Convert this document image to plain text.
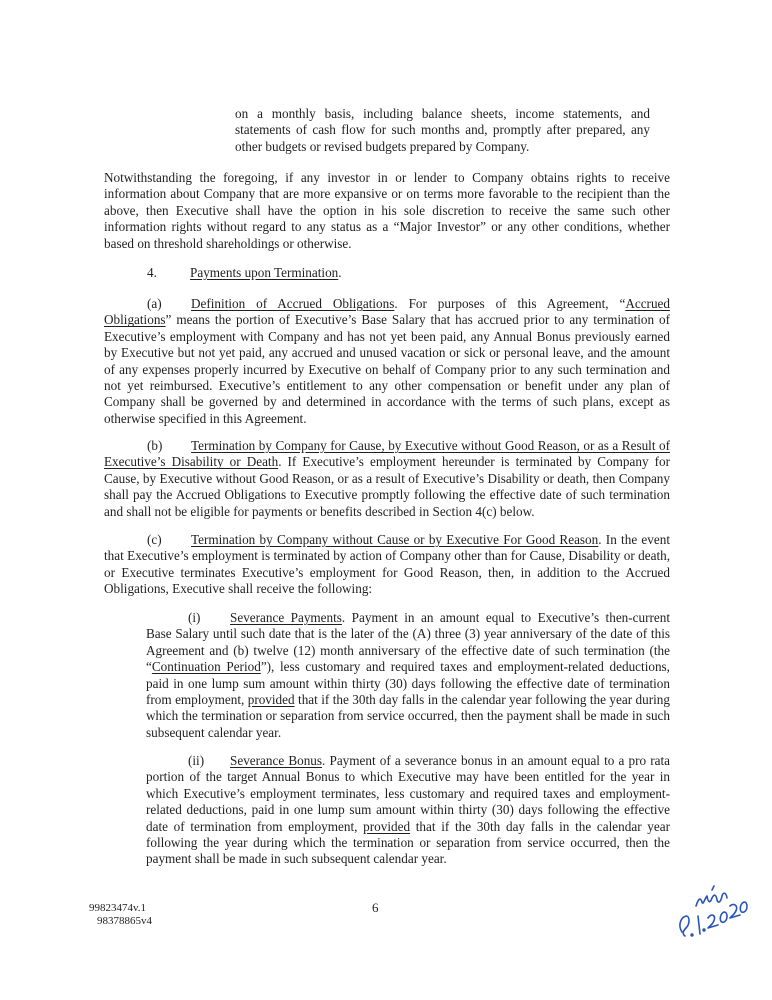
on a monthly basis, including balance sheets, income statements, and statements of cash flow for such months and, promptly after prepared, any other budgets or revised budgets prepared by Company.

Notwithstanding the foregoing, if any investor in or lender to Company obtains rights to receive information about Company that are more expansive or on terms more favorable to the recipient than the above, then Executive shall have the option in his sole discretion to receive the same such other information rights without regard to any status as a “Major Investor” or any other conditions, whether based on threshold shareholdings or otherwise.

4.	Payments upon Termination.

(a) Definition of Accrued Obligations. For purposes of this Agreement, “Accrued Obligations” means the portion of Executive’s Base Salary that has accrued prior to any termination of Executive’s employment with Company and has not yet been paid, any Annual Bonus previously earned by Executive but not yet paid, any accrued and unused vacation or sick or personal leave, and the amount of any expenses properly incurred by Executive on behalf of Company prior to any such termination and not yet reimbursed. Executive’s entitlement to any other compensation or benefit under any plan of Company shall be governed by and determined in accordance with the terms of such plans, except as otherwise specified in this Agreement.

(b) Termination by Company for Cause, by Executive without Good Reason, or as a Result of Executive’s Disability or Death. If Executive’s employment hereunder is terminated by Company for Cause, by Executive without Good Reason, or as a result of Executive’s Disability or death, then Company shall pay the Accrued Obligations to Executive promptly following the effective date of such termination and shall not be eligible for payments or benefits described in Section 4(c) below.

(c) Termination by Company without Cause or by Executive For Good Reason. In the event that Executive’s employment is terminated by action of Company other than for Cause, Disability or death, or Executive terminates Executive’s employment for Good Reason, then, in addition to the Accrued Obligations, Executive shall receive the following:

(i) Severance Payments. Payment in an amount equal to Executive’s then-current Base Salary until such date that is the later of the (A) three (3) year anniversary of the date of this Agreement and (b) twelve (12) month anniversary of the effective date of such termination (the “Continuation Period”), less customary and required taxes and employment-related deductions, paid in one lump sum amount within thirty (30) days following the effective date of termination from employment, provided that if the 30th day falls in the calendar year following the year during which the termination or separation from service occurred, then the payment shall be made in such subsequent calendar year.

(ii) Severance Bonus. Payment of a severance bonus in an amount equal to a pro rata portion of the target Annual Bonus to which Executive may have been entitled for the year in which Executive’s employment terminates, less customary and required taxes and employment-related deductions, paid in one lump sum amount within thirty (30) days following the effective date of termination from employment, provided that if the 30th day falls in the calendar year following the year during which the termination or separation from service occurred, then the payment shall be made in such subsequent calendar year.

99823474v.1
98378865v4
6
